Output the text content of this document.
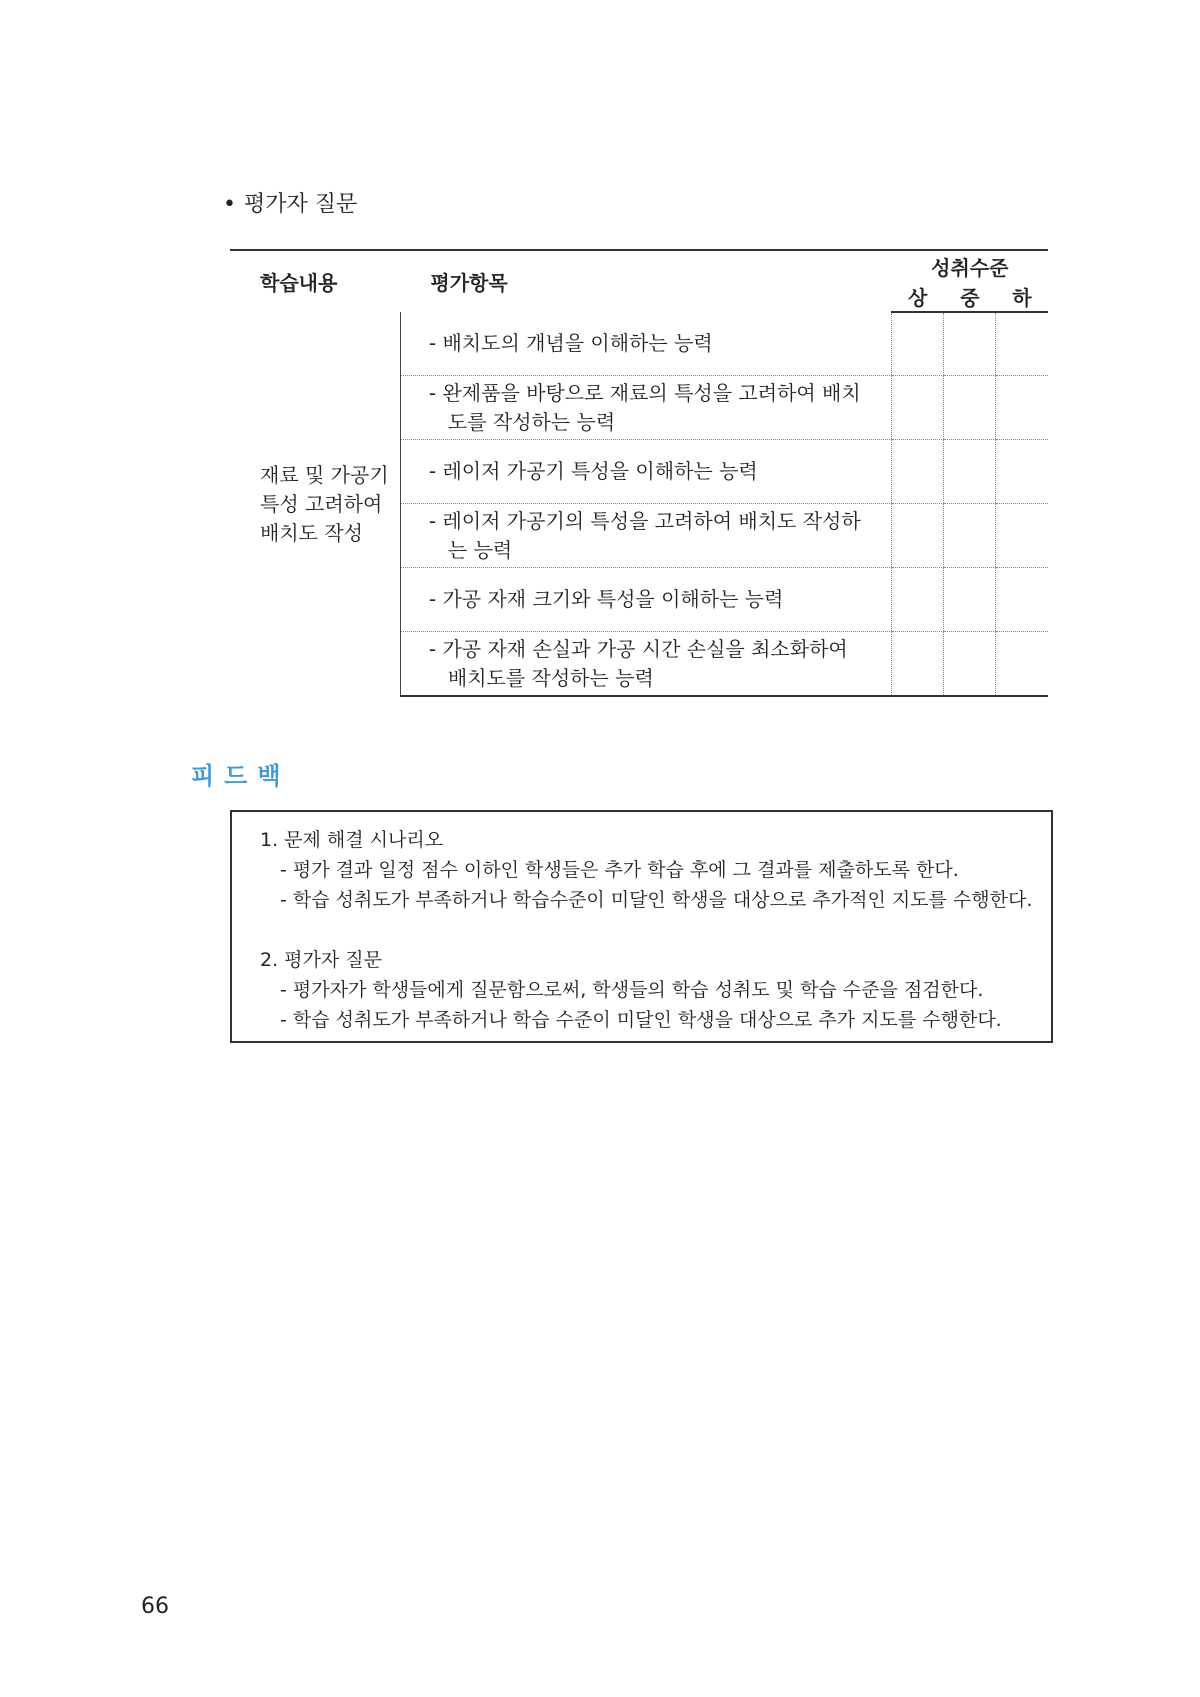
• 평가자 질문
학습내용	평가항목	성취수준		
		상	중	하
재료 및 가공기 특성 고려하여 배치도 작성	- 배치도의 개념을 이해하는 능력			

	- 완제품을 바탕으로 재료의 특성을 고려하여 배치도를 작성하는 능력			

	- 레이저 가공기 특성을 이해하는 능력			

	- 레이저 가공기의 특성을 고려하여 배치도 작성하는 능력			

	- 가공 자재 크기와 특성을 이해하는 능력			

	- 가공 자재 손실과 가공 시간 손실을 최소화하여 배치도를 작성하는 능력			

피드백
1. 문제 해결 시나리오
- 평가 결과 일정 점수 이하인 학생들은 추가 학습 후에 그 결과를 제출하도록 한다.
- 학습 성취도가 부족하거나 학습수준이 미달인 학생을 대상으로 추가적인 지도를 수행한다.
2. 평가자 질문
- 평가자가 학생들에게 질문함으로써, 학생들의 학습 성취도 및 학습 수준을 점검한다.
- 학습 성취도가 부족하거나 학습 수준이 미달인 학생을 대상으로 추가 지도를 수행한다.
66
